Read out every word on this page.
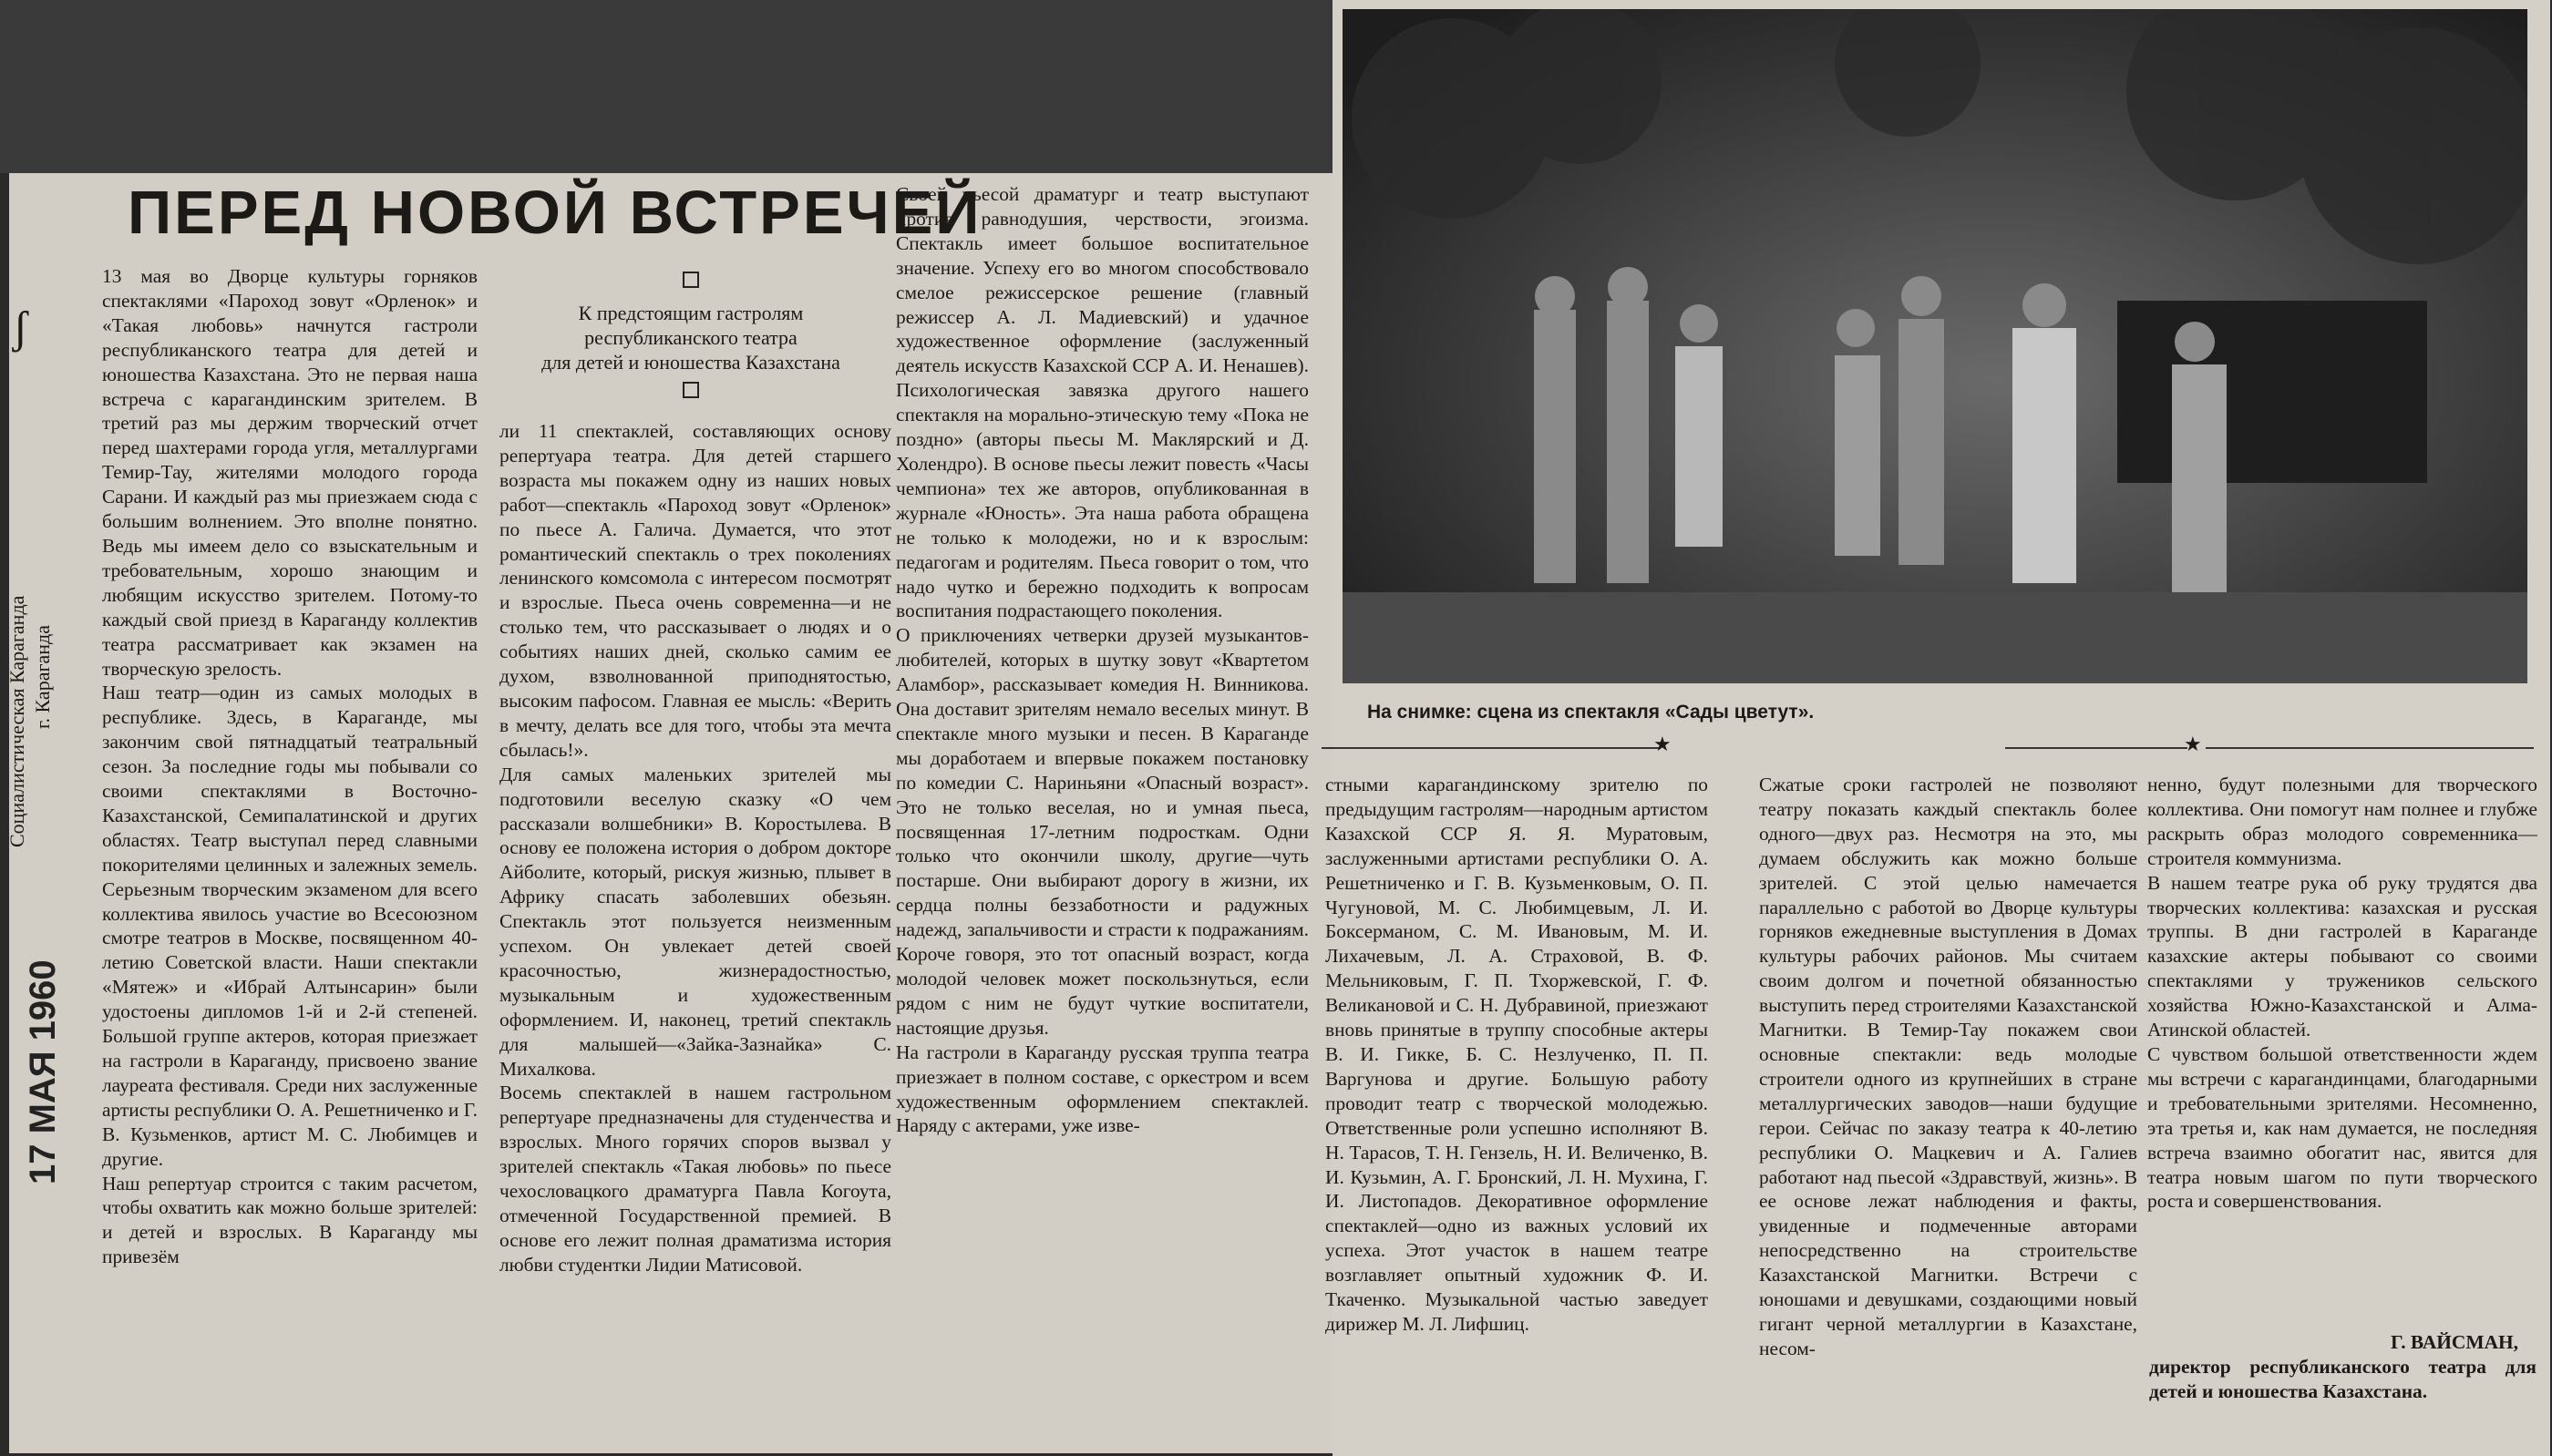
На снимке: сцена из спектакля «Сады цветут».
ʃ
Социалистическая Караганда г. Караганда
17 МАЯ 1960
ПЕРЕД НОВОЙ ВСТРЕЧЕЙ
13 мая во Дворце культуры горняков спектаклями «Пароход зовут «Орленок» и «Такая любовь» начнутся гастроли республиканского театра для детей и юношества Казахстана. Это не первая наша встреча с карагандинским зрителем. В третий раз мы держим творческий отчет перед шахтерами города угля, металлургами Темир-Тау, жителями молодого города Сарани. И каждый раз мы приезжаем сюда с большим волнением. Это вполне понятно. Ведь мы имеем дело со взыскательным и требовательным, хорошо знающим и любящим искусство зрителем. Потому-то каждый свой приезд в Караганду коллектив театра рассматривает как экзамен на творческую зрелость.
Наш театр—один из самых молодых в республике. Здесь, в Караганде, мы закончим свой пятнадцатый театральный сезон. За последние годы мы побывали со своими спектаклями в Восточно-Казахстанской, Семипалатинской и других областях. Театр выступал перед славными покорителями целинных и залежных земель. Серьезным творческим экзаменом для всего коллектива явилось участие во Всесоюзном смотре театров в Москве, посвященном 40-летию Советской власти. Наши спектакли «Мятеж» и «Ибрай Алтынсарин» были удостоены дипломов 1-й и 2-й степеней. Большой группе актеров, которая приезжает на гастроли в Караганду, присвоено звание лауреата фестиваля. Среди них заслуженные артисты республики О. А. Решетниченко и Г. В. Кузьменков, артист М. С. Любимцев и другие.
Наш репертуар строится с таким расчетом, чтобы охватить как можно больше зрителей: и детей и взрослых. В Караганду мы привезём
К предстоящим гастролям
республиканского театра
для детей и юношества Казахстана
ли 11 спектаклей, составляющих основу репертуара театра. Для детей старшего возраста мы покажем одну из наших новых работ—спектакль «Пароход зовут «Орленок» по пьесе А. Галича. Думается, что этот романтический спектакль о трех поколениях ленинского комсомола с интересом посмотрят и взрослые. Пьеса очень современна—и не столько тем, что рассказывает о людях и о событиях наших дней, сколько самим ее духом, взволнованной приподнятостью, высоким пафосом. Главная ее мысль: «Верить в мечту, делать все для того, чтобы эта мечта сбылась!».
Для самых маленьких зрителей мы подготовили веселую сказку «О чем рассказали волшебники» В. Коростылева. В основу ее положена история о добром докторе Айболите, который, рискуя жизнью, плывет в Африку спасать заболевших обезьян. Спектакль этот пользуется неизменным успехом. Он увлекает детей своей красочностью, жизнерадостностью, музыкальным и художественным оформлением. И, наконец, третий спектакль для малышей—«Зайка-Зазнайка» С. Михалкова.
Восемь спектаклей в нашем гастрольном репертуаре предназначены для студенчества и взрослых. Много горячих споров вызвал у зрителей спектакль «Такая любовь» по пьесе чехословацкого драматурга Павла Когоута, отмеченной Государственной премией. В основе его лежит полная драматизма история любви студентки Лидии Матисовой.
Своей пьесой драматург и театр выступают против равнодушия, черствости, эгоизма. Спектакль имеет большое воспитательное значение. Успеху его во многом способствовало смелое режиссерское решение (главный режиссер А. Л. Мадиевский) и удачное художественное оформление (заслуженный деятель искусств Казахской ССР А. И. Ненашев). Психологическая завязка другого нашего спектакля на морально-этическую тему «Пока не поздно» (авторы пьесы М. Маклярский и Д. Холендро). В основе пьесы лежит повесть «Часы чемпиона» тех же авторов, опубликованная в журнале «Юность». Эта наша работа обращена не только к молодежи, но и к взрослым: педагогам и родителям. Пьеса говорит о том, что надо чутко и бережно подходить к вопросам воспитания подрастающего поколения.
О приключениях четверки друзей музыкантов-любителей, которых в шутку зовут «Квартетом Аламбор», рассказывает комедия Н. Винникова. Она доставит зрителям немало веселых минут. В спектакле много музыки и песен. В Караганде мы доработаем и впервые покажем постановку по комедии С. Нариньяни «Опасный возраст». Это не только веселая, но и умная пьеса, посвященная 17-летним подросткам. Одни только что окончили школу, другие—чуть постарше. Они выбирают дорогу в жизни, их сердца полны беззаботности и радужных надежд, запальчивости и страсти к подражаниям. Короче говоря, это тот опасный возраст, когда молодой человек может поскользнуться, если рядом с ним не будут чуткие воспитатели, настоящие друзья.
На гастроли в Караганду русская труппа театра приезжает в полном составе, с оркестром и всем художественным оформлением спектаклей. Наряду с актерами, уже изве-
★	★
стными карагандинскому зрителю по предыдущим гастролям—народным артистом Казахской ССР Я. Я. Муратовым, заслуженными артистами республики О. А. Решетниченко и Г. В. Кузьменковым, О. П. Чугуновой, М. С. Любимцевым, Л. И. Боксерманом, С. М. Ивановым, М. И. Лихачевым, Л. А. Страховой, В. Ф. Мельниковым, Г. П. Тхоржевской, Г. Ф. Великановой и С. Н. Дубравиной, приезжают вновь принятые в труппу способные актеры В. И. Гикке, Б. С. Незлученко, П. П. Варгунова и другие. Большую работу проводит театр с творческой молодежью. Ответственные роли успешно исполняют В. Н. Тарасов, Т. Н. Гензель, Н. И. Величенко, В. И. Кузьмин, А. Г. Бронский, Л. Н. Мухина, Г. И. Листопадов. Декоративное оформление спектаклей—одно из важных условий их успеха. Этот участок в нашем театре возглавляет опытный художник Ф. И. Ткаченко. Музыкальной частью заведует дирижер М. Л. Лифшиц.
Сжатые сроки гастролей не позволяют театру показать каждый спектакль более одного—двух раз. Несмотря на это, мы думаем обслужить как можно больше зрителей. С этой целью намечается параллельно с работой во Дворце культуры горняков ежедневные выступления в Домах культуры рабочих районов. Мы считаем своим долгом и почетной обязанностью выступить перед строителями Казахстанской Магнитки. В Темир-Тау покажем свои основные спектакли: ведь молодые строители одного из крупнейших в стране металлургических заводов—наши будущие герои. Сейчас по заказу театра к 40-летию республики О. Мацкевич и А. Галиев работают над пьесой «Здравствуй, жизнь». В ее основе лежат наблюдения и факты, увиденные и подмеченные авторами непосредственно на строительстве Казахстанской Магнитки. Встречи с юношами и девушками, создающими новый гигант черной металлургии в Казахстане, несом-
ненно, будут полезными для творческого коллектива. Они помогут нам полнее и глубже раскрыть образ молодого современника—строителя коммунизма.
В нашем театре рука об руку трудятся два творческих коллектива: казахская и русская труппы. В дни гастролей в Караганде казахские актеры побывают со своими спектаклями у тружеников сельского хозяйства Южно-Казахстанской и Алма-Атинской областей.
С чувством большой ответственности ждем мы встречи с карагандинцами, благодарными и требовательными зрителями. Несомненно, эта третья и, как нам думается, не последняя встреча взаимно обогатит нас, явится для театра новым шагом по пути творческого роста и совершенствования.
Г. ВАЙСМАН,
директор республиканского театра для детей и юношества Казахстана.
